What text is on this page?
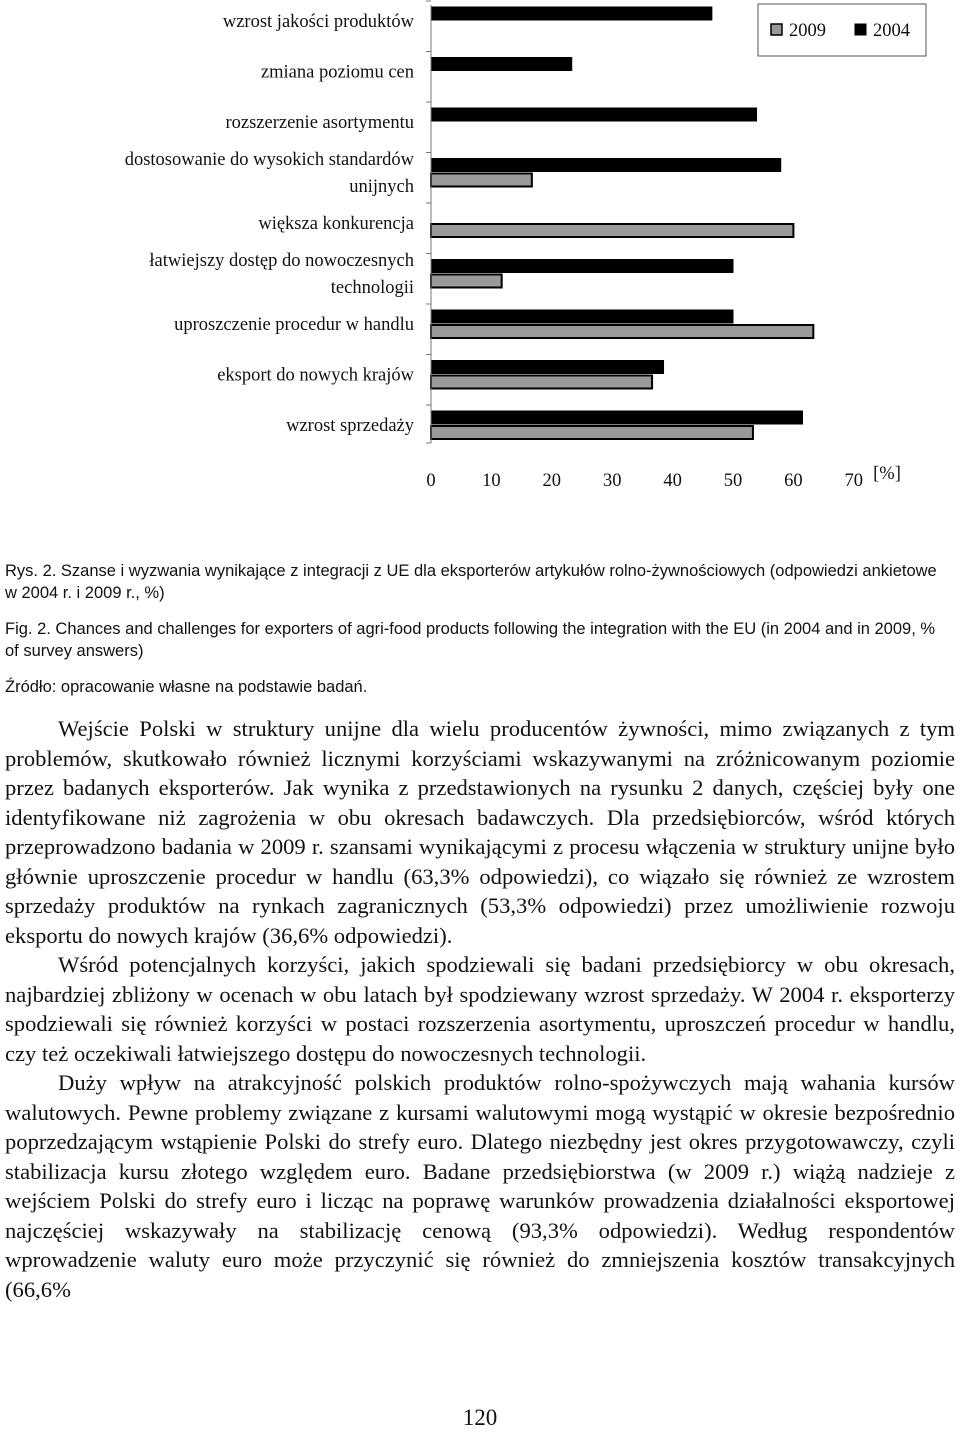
wzrost jakości produktów
zmiana poziomu cen
rozszerzenie asortymentu
dostosowanie do wysokich standardów unijnych
większa konkurencja
łatwiejszy dostęp do nowoczesnych technologii
uproszczenie procedur w handlu
eksport do nowych krajów
wzrost sprzedaży
0	10 20 30 40 50 60 70 [%]
2009	2004

Rys. 2. Szanse i wyzwania wynikające z integracji z UE dla eksporterów artykułów rolno-żywnościowych (odpowiedzi ankietowe w 2004 r. i 2009 r., %)

Fig. 2. Chances and challenges for exporters of agri-food products following the integration with the EU (in 2004 and in 2009, % of survey answers)

Źródło: opracowanie własne na podstawie badań.

Wejście Polski w struktury unijne dla wielu producentów żywności, mimo związanych z tym problemów, skutkowało również licznymi korzyściami wskazywanymi na zróżnicowanym poziomie przez badanych eksporterów. Jak wynika z przedstawionych na rysunku 2 danych, częściej były one identyfikowane niż zagrożenia w obu okresach badawczych. Dla przedsiębiorców, wśród których przeprowadzono badania w 2009 r. szansami wynikającymi z procesu włączenia w struktury unijne było głównie uproszczenie procedur w handlu (63,3% odpowiedzi), co wiązało się również ze wzrostem sprzedaży produktów na rynkach zagranicznych (53,3% odpowiedzi) przez umożliwienie rozwoju eksportu do nowych krajów (36,6% odpowiedzi).

Wśród potencjalnych korzyści, jakich spodziewali się badani przedsiębiorcy w obu okresach, najbardziej zbliżony w ocenach w obu latach był spodziewany wzrost sprzedaży. W 2004 r. eksporterzy spodziewali się również korzyści w postaci rozszerzenia asortymentu, uproszczeń procedur w handlu, czy też oczekiwali łatwiejszego dostępu do nowoczesnych technologii.

Duży wpływ na atrakcyjność polskich produktów rolno-spożywczych mają wahania kursów walutowych. Pewne problemy związane z kursami walutowymi mogą wystąpić w okresie bezpośrednio poprzedzającym wstąpienie Polski do strefy euro. Dlatego niezbędny jest okres przygotowawczy, czyli stabilizacja kursu złotego względem euro. Badane przedsiębiorstwa (w 2009 r.) wiążą nadzieje z wejściem Polski do strefy euro i licząc na poprawę warunków prowadzenia działalności eksportowej najczęściej wskazywały na stabilizację cenową (93,3% odpowiedzi). Według respondentów wprowadzenie waluty euro może przyczynić się również do zmniejszenia kosztów transakcyjnych (66,6%

120
